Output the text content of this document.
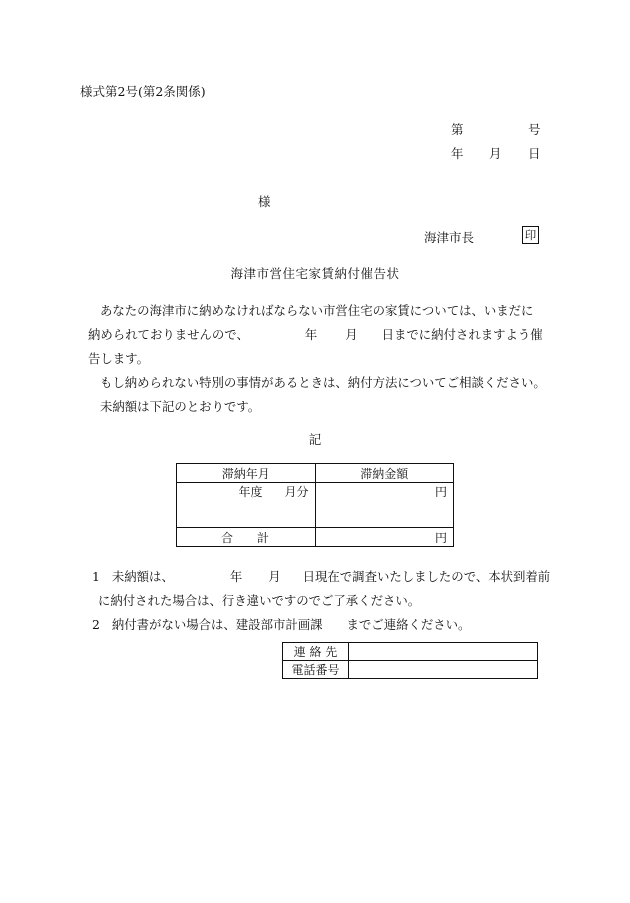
様式第2号(第2条関係)
第	号
年 月 日
様
海津市長	印
海津市営住宅家賃納付催告状
あなたの海津市に納めなければならない市営住宅の家賃については、いまだに
納められておりませんので、	年 月 日までに納付されますよう催
告します。
もし納められない特別の事情があるときは、納付方法についてご相談ください。
未納額は下記のとおりです。
記
滞納年月	滞納金額
年度 月分	円
合　　計	円
1 未納額は、	年 月 日現在で調査いたしましたので、本状到着前
に納付された場合は、行き違いですのでご了承ください。
2 納付書がない場合は、建設部市計画課 までご連絡ください。
連 絡 先	
電話番号	
